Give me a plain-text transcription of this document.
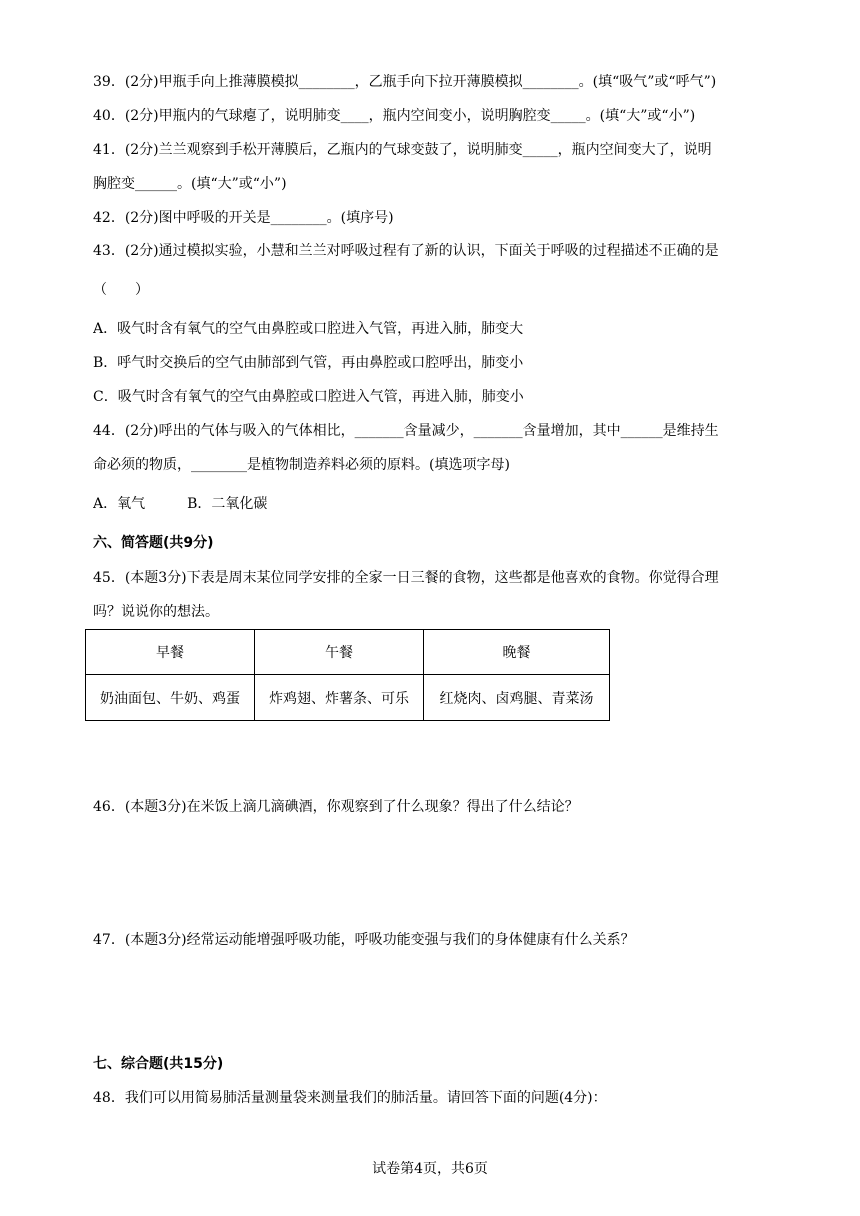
39．(2分)甲瓶手向上推薄膜模拟________，乙瓶手向下拉开薄膜模拟________。(填“吸气”或“呼气”)
40．(2分)甲瓶内的气球瘪了，说明肺变____，瓶内空间变小，说明胸腔变_____。(填“大”或“小”)
41．(2分)兰兰观察到手松开薄膜后，乙瓶内的气球变鼓了，说明肺变_____，瓶内空间变大了，说明
胸腔变______。(填“大”或“小”)
42．(2分)图中呼吸的开关是________。(填序号)
43．(2分)通过模拟实验，小慧和兰兰对呼吸过程有了新的认识，下面关于呼吸的过程描述不正确的是
（　　）
A．吸气时含有氧气的空气由鼻腔或口腔进入气管，再进入肺，肺变大
B．呼气时交换后的空气由肺部到气管，再由鼻腔或口腔呼出，肺变小
C．吸气时含有氧气的空气由鼻腔或口腔进入气管，再进入肺，肺变小
44．(2分)呼出的气体与吸入的气体相比，_______含量减少，_______含量增加，其中______是维持生
命必须的物质，________是植物制造养料必须的原料。(填选项字母)
A．氧气　　　B．二氧化碳
六、简答题(共9分)
45．(本题3分)下表是周末某位同学安排的全家一日三餐的食物，这些都是他喜欢的食物。你觉得合理
吗？说说你的想法。
早餐	午餐	晚餐
奶油面包、牛奶、鸡蛋	炸鸡翅、炸薯条、可乐	红烧肉、卤鸡腿、青菜汤
46．(本题3分)在米饭上滴几滴碘酒，你观察到了什么现象？得出了什么结论？
47．(本题3分)经常运动能增强呼吸功能，呼吸功能变强与我们的身体健康有什么关系？
七、综合题(共15分)
48．我们可以用简易肺活量测量袋来测量我们的肺活量。请回答下面的问题(4分)：
试卷第4页，共6页
